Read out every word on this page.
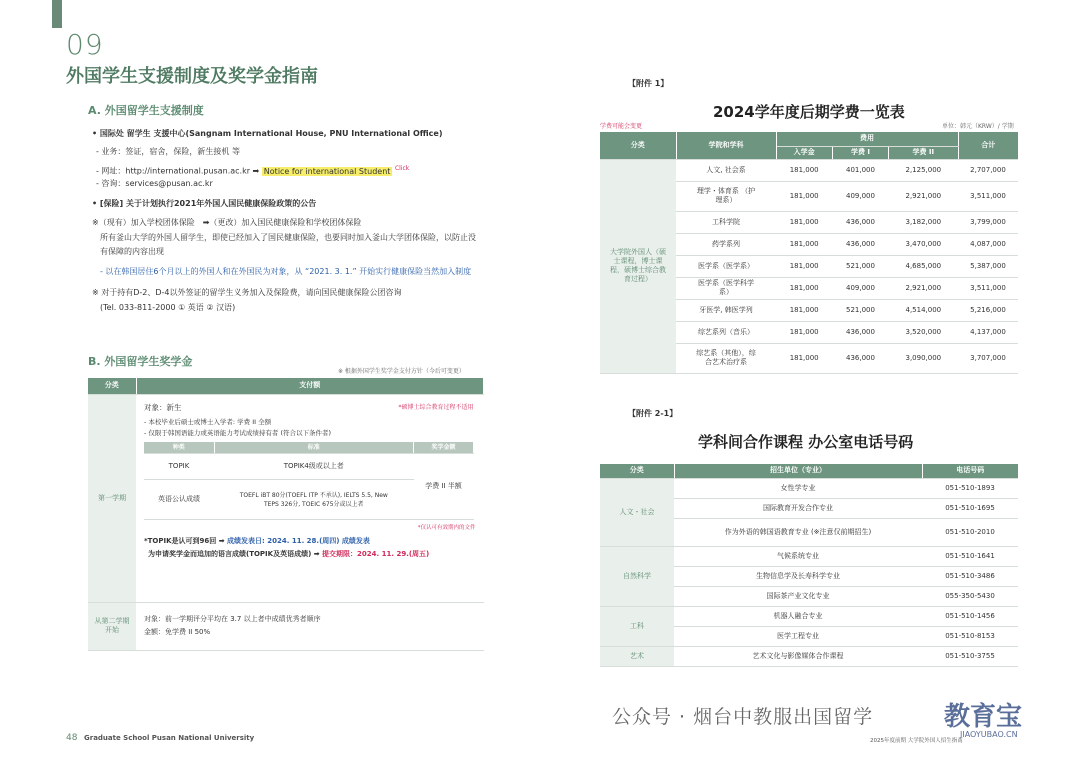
09
外国学生支援制度及奖学金指南
A. 外国留学生支援制度
• 国际处 留学生 支援中心(Sangnam International House, PNU International Office)
- 业务：签证，宿舍，保险，新生接机 等
- 网址：http://international.pusan.ac.kr ➡ Notice for international Student $^{Click}$
- 咨询：services@pusan.ac.kr
• [保险] 关于计划执行2021年外国人国民健康保险政策的公告
※（现有）加入学校团体保险　➡（更改）加入国民健康保险和学校团体保险
所有釜山大学的外国人留学生，即使已经加入了国民健康保险，也要同时加入釜山大学团体保险，以防止没
有保障的内容出现
- 以在韩国居住6个月以上的外国人和在外国民为对象，从 “2021. 3. 1.” 开始实行健康保险当然加入制度
※ 对于持有D-2、D-4以外签证的留学生义务加入及保险费，请向国民健康保险公团咨询
(Tel. 033-811-2000 ① 英语 ② 汉语)
B. 外国留学生奖学金
※ 根据外国学生奖学金支付方针（今后可变更）
分类	支付额
第一学期	
对象：新生	*硕博士综合教育过程不适用
- 本校毕业后硕士或博士入学者: 学费 II 全额
- 仅限于韩国语能力或英语能力考试成绩持有者 (符合以下条件者)
种类	标准	奖学金额
TOPIK	TOPIK4级或以上者	学费 II 半额
英语公认成绩	TOEFL iBT 80分(TOEFL ITP 不承认), IELTS 5.5, New TEPS 326分, TOEIC 675分或以上者
*仅认可有效期内的文件
*TOPIK是认可到96回 ➡ 成绩发表日: 2024. 11. 28.(周四) 成绩发表
为申请奖学金而追加的语言成绩(TOPIK及英语成绩) ➡ 提交期限：2024. 11. 29.(周五)

从第二学期开始	
对象：前一学期评分平均在 3.7 以上者中成绩优秀者顺序
金额：免学费 II 50%
48 Graduate School Pusan National University
【附件 1】
2024学年度后期学费一览表
学费可能会变更	单位：韩元（KRW）/ 学期
分类	学院和学科	费用			合计
		入学金	学费 I	学费 II	
大学院外国人（硕士课程，博士课程，硕博士综合教育过程）	人文, 社会系	181,000	401,000	2,125,000	2,707,000
	理学・体育系 （护理系）	181,000	409,000	2,921,000	3,511,000
	工科学院	181,000	436,000	3,182,000	3,799,000
	药学系列	181,000	436,000	3,470,000	4,087,000
	医学系（医学系）	181,000	521,000	4,685,000	5,387,000
	医学系（医学科学系）	181,000	409,000	2,921,000	3,511,000
	牙医学, 韩医学列	181,000	521,000	4,514,000	5,216,000
	综艺系列（音乐）	181,000	436,000	3,520,000	4,137,000
	综艺系（其他），综合艺术治疗系	181,000	436,000	3,090,000	3,707,000
【附件 2-1】
学科间合作课程 办公室电话号码
分类	招生单位（专业）	电话号码
人文・社会	女性学专业	051-510-1893
	国际教育开发合作专业	051-510-1695
	作为外语的韩国语教育专业 (※注意仅前期招生)	051-510-2010
自然科学	气候系统专业	051-510-1641
	生物信息学及长寿科学专业	051-510-3486
	国际茶产业文化专业	055-350-5430
工科	机器人融合专业	051-510-1456
	医学工程专业	051-510-8153
艺术	艺术文化与影像媒体合作课程	051-510-3755
公众号 · 烟台中教服出国留学	教育宝
JIAOYUBAO.CN
2025年度前期 大学院外国人招生指南
